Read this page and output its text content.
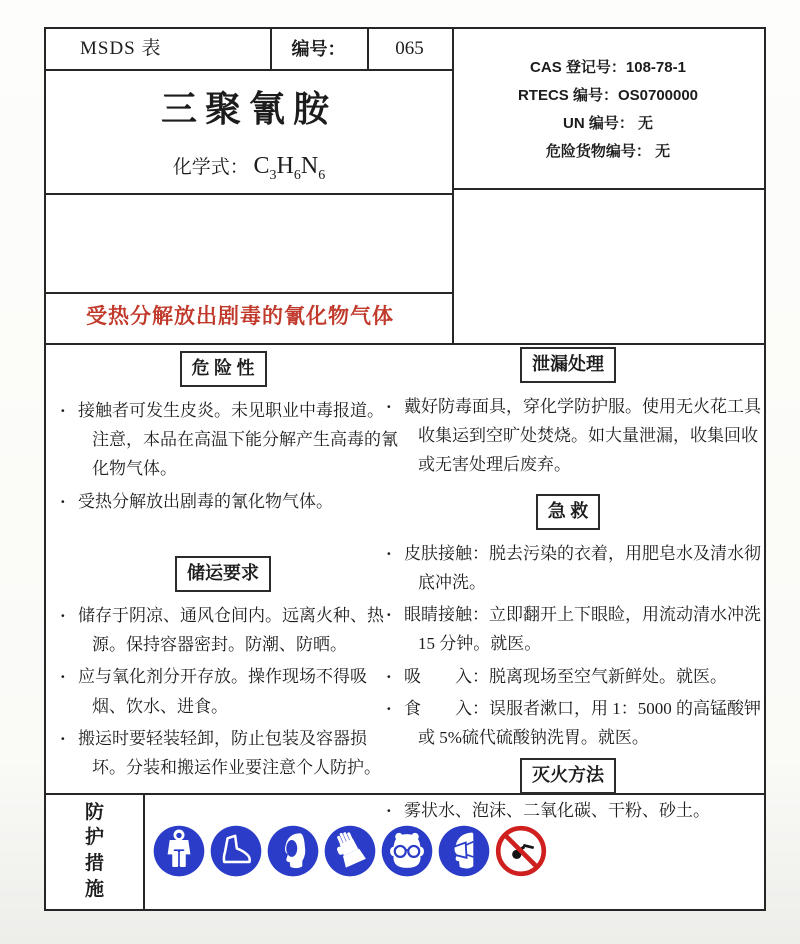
MSDS 表	编号：	065
CAS 登记号：108-78-1
RTECS 编号：OS0700000
UN 编号： 无
危险货物编号： 无
三聚氰胺
化学式： $C_3H_6N_6$
受热分解放出剧毒的氰化物气体
危 险 性
· 接触者可发生皮炎。未见职业中毒报道。注意，本品在高温下能分解产生高毒的氰化物气体。
· 受热分解放出剧毒的氰化物气体。
储运要求
· 储存于阴凉、通风仓间内。远离火种、热源。保持容器密封。防潮、防晒。
· 应与氧化剂分开存放。操作现场不得吸烟、饮水、进食。
· 搬运时要轻装轻卸，防止包装及容器损坏。分装和搬运作业要注意个人防护。
泄漏处理
· 戴好防毒面具，穿化学防护服。使用无火花工具收集运到空旷处焚烧。如大量泄漏，收集回收或无害处理后废弃。
急 救
· 皮肤接触：脱去污染的衣着，用肥皂水及清水彻底冲洗。
· 眼睛接触：立即翻开上下眼睑，用流动清水冲洗 15 分钟。就医。
· 吸　　入：脱离现场至空气新鲜处。就医。
· 食　　入：误服者漱口，用 1：5000 的高锰酸钾或 5%硫代硫酸钠洗胃。就医。
灭火方法
· 雾状水、泡沫、二氧化碳、干粉、砂土。
防护措施
